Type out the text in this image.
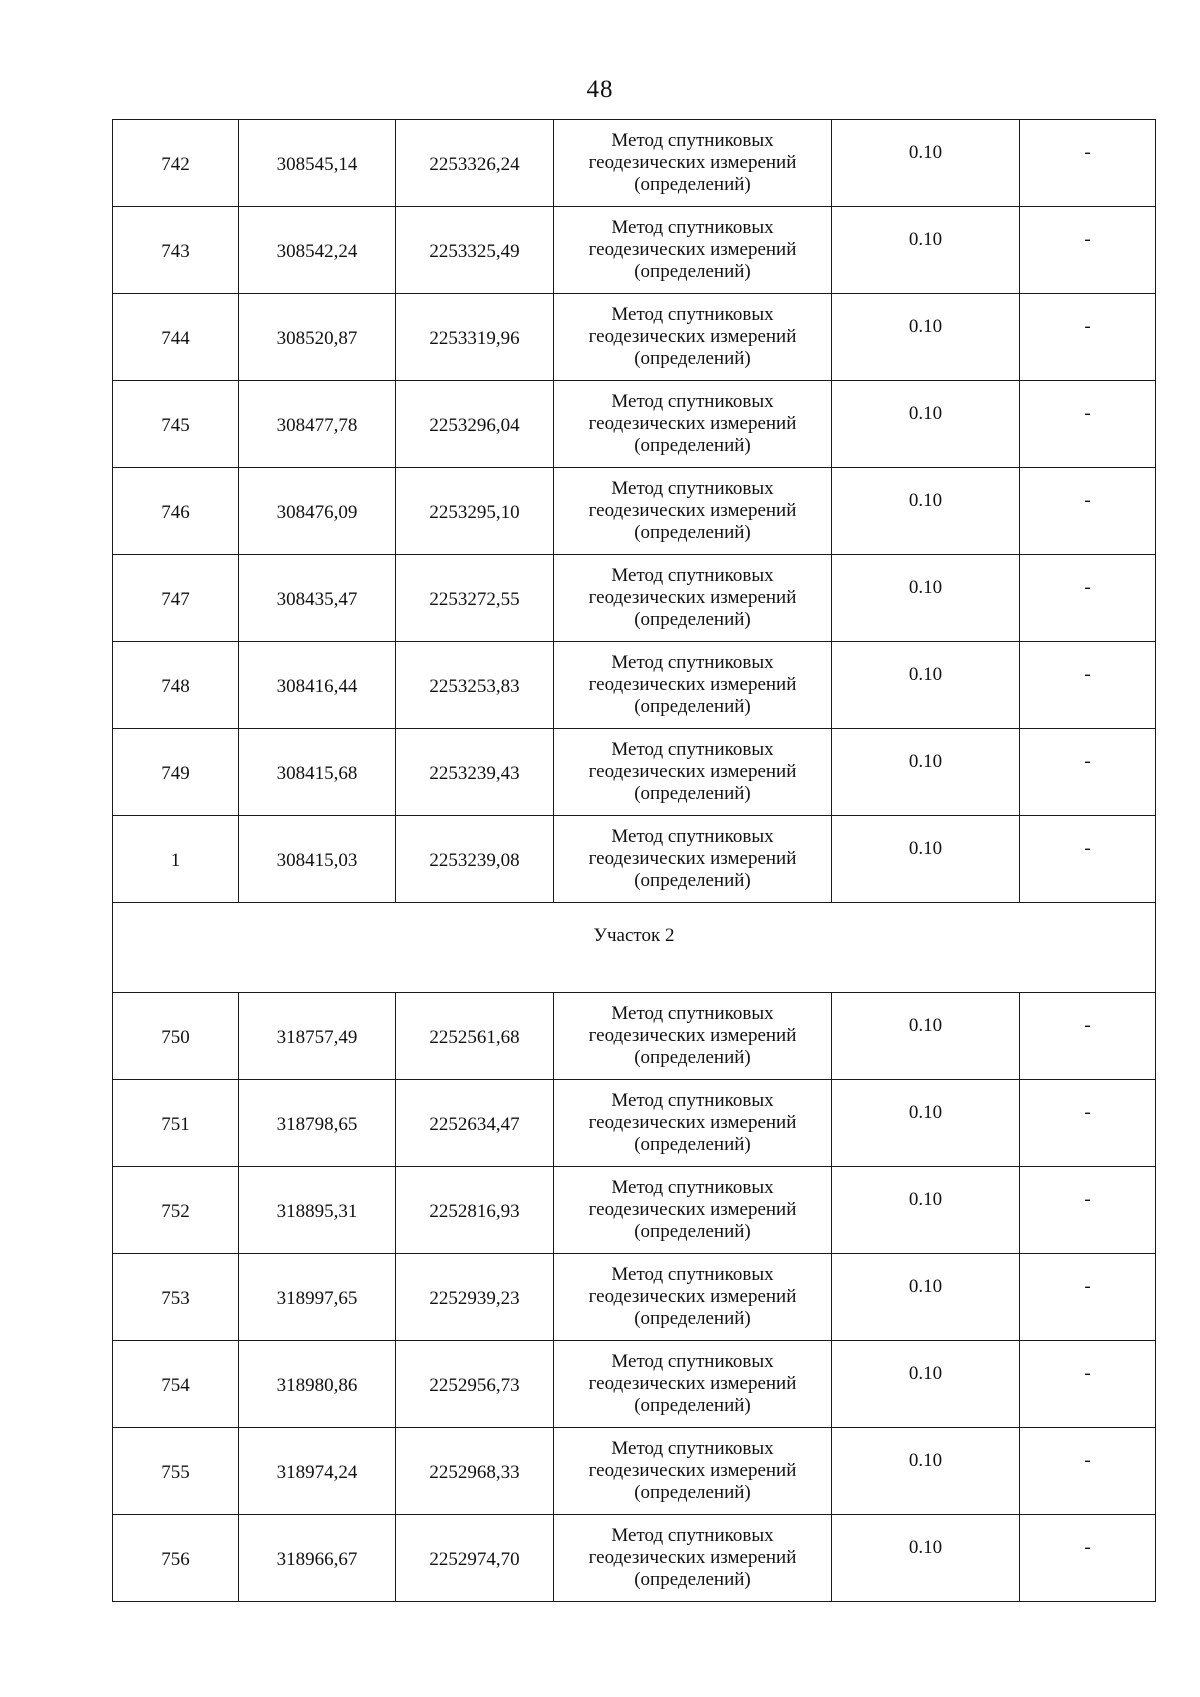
48
742	308545,14	2253326,24	Метод спутниковых геодезических измерений (определений)	0.10	-
743	308542,24	2253325,49	Метод спутниковых геодезических измерений (определений)	0.10	-
744	308520,87	2253319,96	Метод спутниковых геодезических измерений (определений)	0.10	-
745	308477,78	2253296,04	Метод спутниковых геодезических измерений (определений)	0.10	-
746	308476,09	2253295,10	Метод спутниковых геодезических измерений (определений)	0.10	-
747	308435,47	2253272,55	Метод спутниковых геодезических измерений (определений)	0.10	-
748	308416,44	2253253,83	Метод спутниковых геодезических измерений (определений)	0.10	-
749	308415,68	2253239,43	Метод спутниковых геодезических измерений (определений)	0.10	-
1	308415,03	2253239,08	Метод спутниковых геодезических измерений (определений)	0.10	-
Участок 2					
750	318757,49	2252561,68	Метод спутниковых геодезических измерений (определений)	0.10	-
751	318798,65	2252634,47	Метод спутниковых геодезических измерений (определений)	0.10	-
752	318895,31	2252816,93	Метод спутниковых геодезических измерений (определений)	0.10	-
753	318997,65	2252939,23	Метод спутниковых геодезических измерений (определений)	0.10	-
754	318980,86	2252956,73	Метод спутниковых геодезических измерений (определений)	0.10	-
755	318974,24	2252968,33	Метод спутниковых геодезических измерений (определений)	0.10	-
756	318966,67	2252974,70	Метод спутниковых геодезических измерений (определений)	0.10	-
